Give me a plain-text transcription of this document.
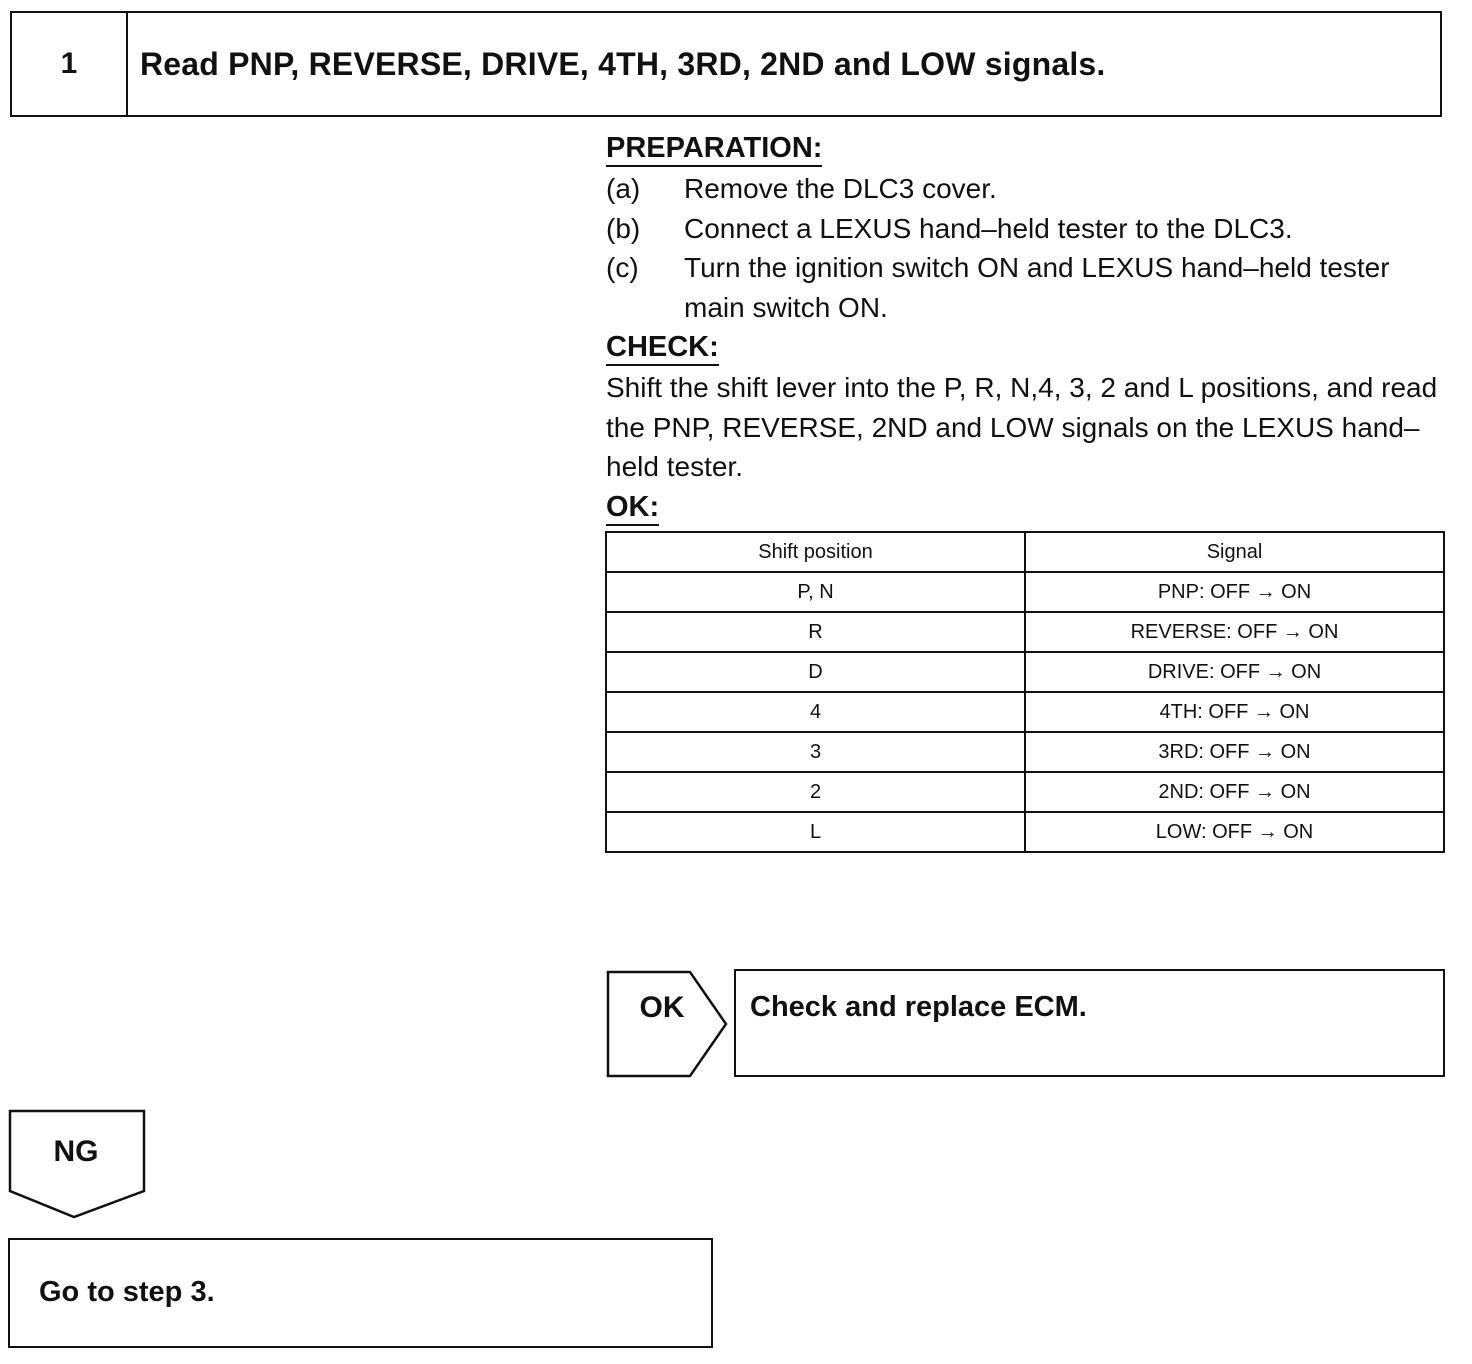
1	Read PNP, REVERSE, DRIVE, 4TH, 3RD, 2ND and LOW signals.
PREPARATION:
(a)	Remove the DLC3 cover.
(b)	Connect a LEXUS hand–held tester to the DLC3.
(c)	Turn the ignition switch ON and LEXUS hand–held tester main switch ON.
CHECK:

Shift the shift lever into the P, R, N,4, 3, 2 and L positions, and read the PNP, REVERSE, 2ND and LOW signals on the LEXUS hand–held tester.

OK:
Shift position	Signal
P, N	PNP: OFF → ON
R	REVERSE: OFF → ON
D	DRIVE: OFF → ON
4	4TH: OFF → ON
3	3RD: OFF → ON
2	2ND: OFF → ON
L	LOW: OFF → ON
OK	Check and replace ECM.
NG
Go to step 3.
